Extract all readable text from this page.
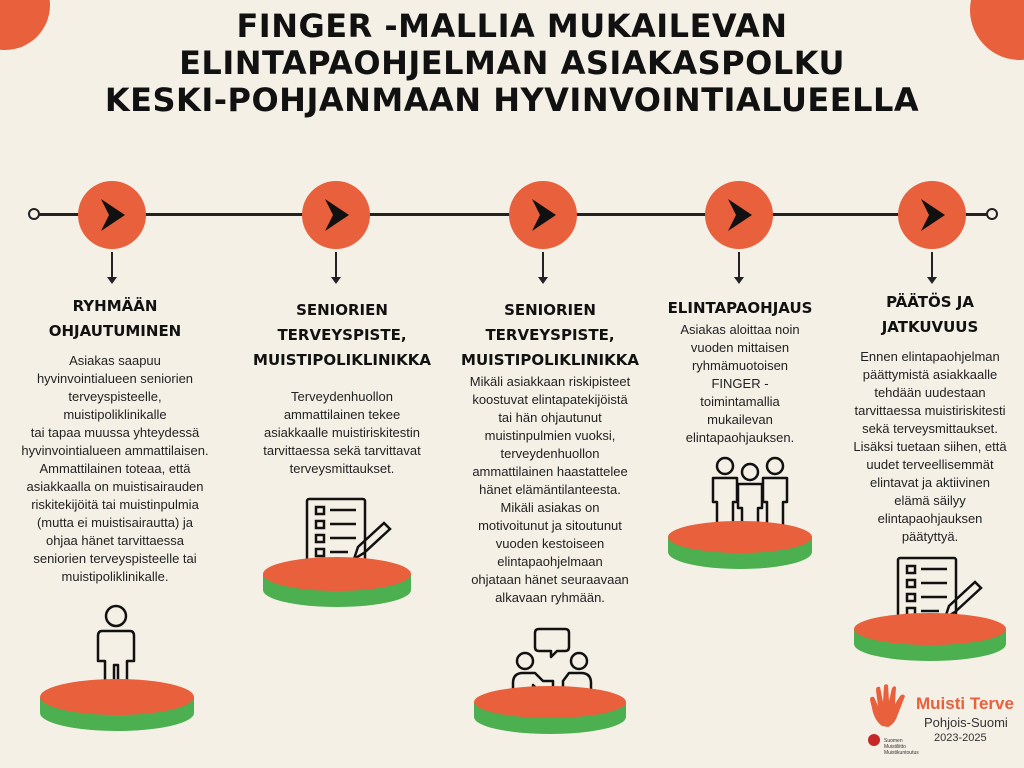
FINGER -MALLIA MUKAILEVAN
ELINTAPAOHJELMAN ASIAKASPOLKU
KESKI-POHJANMAAN HYVINVOINTIALUEELLA
RYHMÄÄN
OHJAUTUMINEN
Asiakas saapuu
hyvinvointialueen seniorien
terveyspisteelle,
muistipoliklinikalle
tai tapaa muussa yhteydessä
hyvinvointialueen ammattilaisen.
Ammattilainen toteaa, että
asiakkaalla on muistisairauden
riskitekijöitä tai muistinpulmia
(mutta ei muistisairautta) ja
ohjaa hänet tarvittaessa
seniorien terveyspisteelle tai
muistipoliklinikalle.
SENIORIEN
TERVEYSPISTE,
MUISTIPOLIKLINIKKA
Terveydenhuollon
ammattilainen tekee
asiakkaalle muistiriskitestin
tarvittaessa sekä tarvittavat
terveysmittaukset.
SENIORIEN
TERVEYSPISTE,
MUISTIPOLIKLINIKKA
Mikäli asiakkaan riskipisteet
koostuvat elintapatekijöistä
tai hän ohjautunut
muistinpulmien vuoksi,
terveydenhuollon
ammattilainen haastattelee
hänet elämäntilanteesta.
Mikäli asiakas on
motivoitunut ja sitoutunut
vuoden kestoiseen
elintapaohjelmaan
ohjataan hänet seuraavaan
alkavaan ryhmään.
ELINTAPAOHJAUS
Asiakas aloittaa noin
vuoden mittaisen
ryhmämuotoisen
FINGER -
toimintamallia
mukailevan
elintapaohjauksen.
PÄÄTÖS JA
JATKUVUUS
Ennen elintapaohjelman
päättymistä asiakkaalle
tehdään uudestaan
tarvittaessa muistiriskitesti
sekä terveysmittaukset.
Lisäksi tuetaan siihen, että
uudet terveellisemmät
elintavat ja aktiivinen
elämä säilyy
elintapaohjauksen
päätyttyä.
Muisti Terve
Pohjois-Suomi
2023-2025
Suomen
Muistiliitto
Muistikuntoutus
